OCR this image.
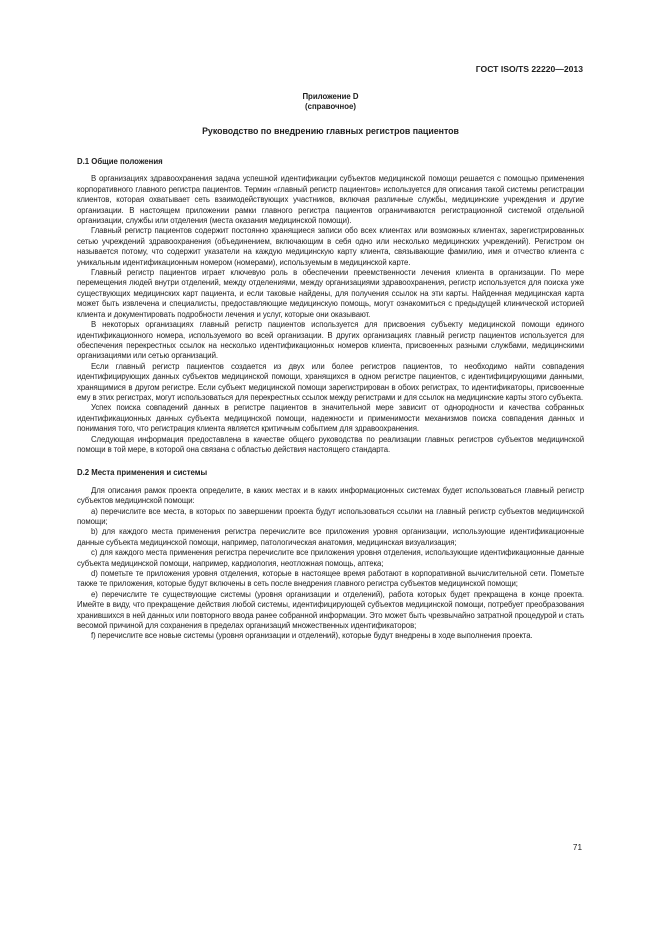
ГОСТ ISO/TS 22220—2013
Приложение D
(справочное)
Руководство по внедрению главных регистров пациентов
D.1 Общие положения

В организациях здравоохранения задача успешной идентификации субъектов медицинской помощи решается с помощью применения корпоративного главного регистра пациентов. Термин «главный регистр пациентов» используется для описания такой системы регистрации клиентов, которая охватывает сеть взаимодействующих участников, включая различные службы, медицинские учреждения и другие организации. В настоящем приложении рамки главного регистра пациентов ограничиваются регистрационной системой отдельной организации, службы или отделения (места оказания медицинской помощи).

Главный регистр пациентов содержит постоянно хранящиеся записи обо всех клиентах или возможных клиентах, зарегистрированных сетью учреждений здравоохранения (объединением, включающим в себя одно или несколько медицинских учреждений). Регистром он называется потому, что содержит указатели на каждую медицинскую карту клиента, связывающие фамилию, имя и отчество клиента с уникальным идентификационным номером (номерами), используемым в медицинской карте.

Главный регистр пациентов играет ключевую роль в обеспечении преемственности лечения клиента в организации. По мере перемещения людей внутри отделений, между отделениями, между организациями здравоохранения, регистр используется для поиска уже существующих медицинских карт пациента, и если таковые найдены, для получения ссылок на эти карты. Найденная медицинская карта может быть извлечена и специалисты, предоставляющие медицинскую помощь, могут ознакомиться с предыдущей клинической историей клиента и документировать подробности лечения и услуг, которые они оказывают.

В некоторых организациях главный регистр пациентов используется для присвоения субъекту медицинской помощи единого идентификационного номера, используемого во всей организации. В других организациях главный регистр пациентов используется для обеспечения перекрестных ссылок на несколько идентификационных номеров клиента, присвоенных разными службами, медицинскими организациями или сетью организаций.

Если главный регистр пациентов создается из двух или более регистров пациентов, то необходимо найти совпадения идентифицирующих данных субъектов медицинской помощи, хранящихся в одном регистре пациентов, с идентифицирующими данными, хранящимися в другом регистре. Если субъект медицинской помощи зарегистрирован в обоих регистрах, то идентификаторы, присвоенные ему в этих регистрах, могут использоваться для перекрестных ссылок между регистрами и для ссылок на медицинские карты этого субъекта.

Успех поиска совпадений данных в регистре пациентов в значительной мере зависит от однородности и качества собранных идентификационных данных субъекта медицинской помощи, надежности и применимости механизмов поиска совпадения данных и понимания того, что регистрация клиента является критичным событием для здравоохранения.

Следующая информация предоставлена в качестве общего руководства по реализации главных регистров субъектов медицинской помощи в той мере, в которой она связана с областью действия настоящего стандарта.

D.2 Места применения и системы

Для описания рамок проекта определите, в каких местах и в каких информационных системах будет использоваться главный регистр субъектов медицинской помощи:

a) перечислите все места, в которых по завершении проекта будут использоваться ссылки на главный регистр субъектов медицинской помощи;

b) для каждого места применения регистра перечислите все приложения уровня организации, использующие идентификационные данные субъекта медицинской помощи, например, патологическая анатомия, медицинская визуализация;

c) для каждого места применения регистра перечислите все приложения уровня отделения, использующие идентификационные данные субъекта медицинской помощи, например, кардиология, неотложная помощь, аптека;

d) пометьте те приложения уровня отделения, которые в настоящее время работают в корпоративной вычислительной сети. Пометьте также те приложения, которые будут включены в сеть после внедрения главного регистра субъектов медицинской помощи;

e) перечислите те существующие системы (уровня организации и отделений), работа которых будет прекращена в конце проекта. Имейте в виду, что прекращение действия любой системы, идентифицирующей субъектов медицинской помощи, потребует преобразования хранившихся в ней данных или повторного ввода ранее собранной информации. Это может быть чрезвычайно затратной процедурой и стать весомой причиной для сохранения в пределах организаций множественных идентификаторов;

f) перечислите все новые системы (уровня организации и отделений), которые будут внедрены в ходе выполнения проекта.

71
